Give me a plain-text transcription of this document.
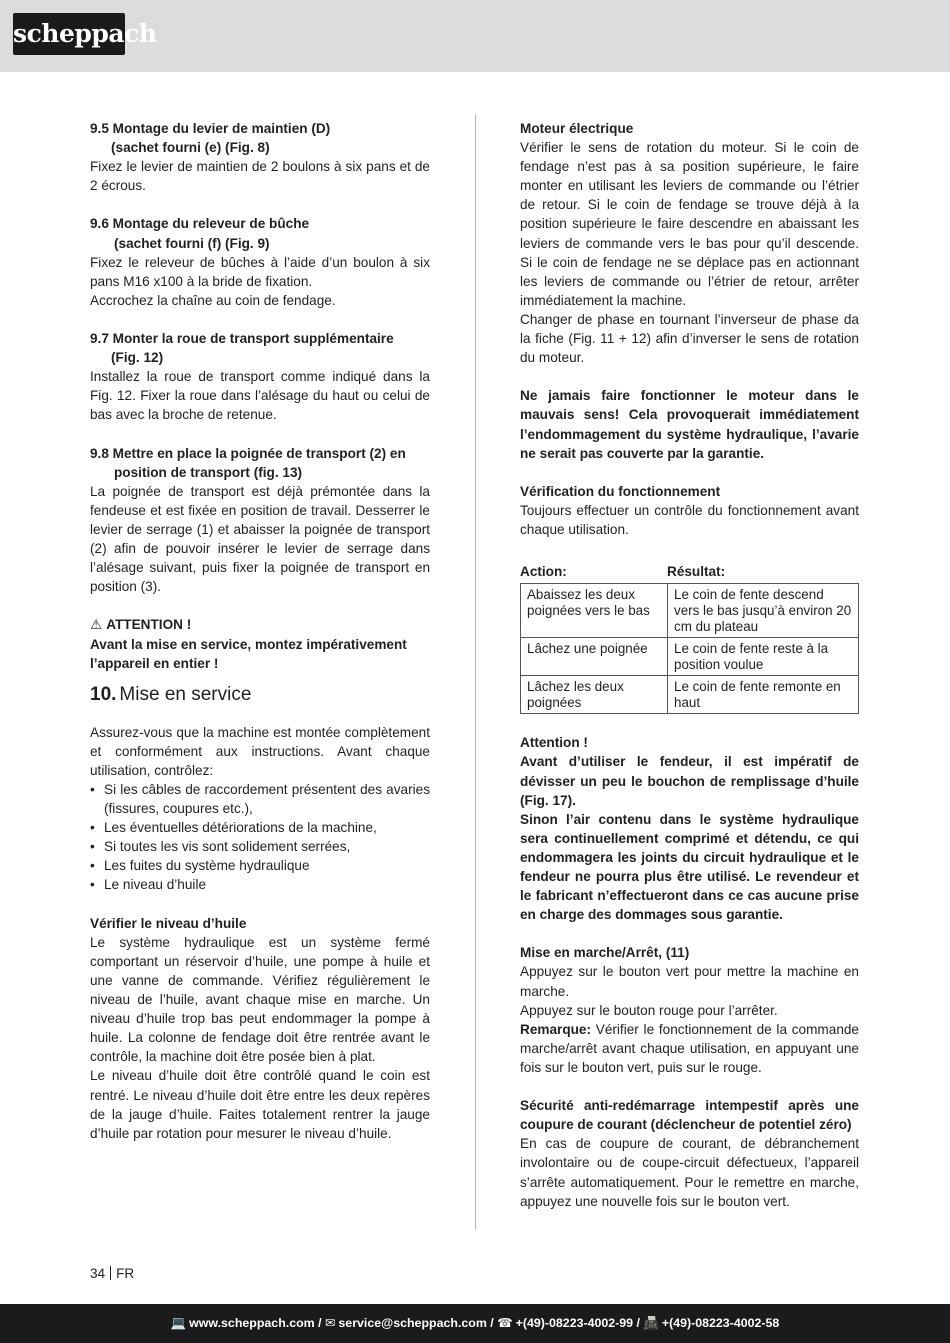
scheppach
9.5 Montage du levier de maintien (D)
(sachet fourni (e) (Fig. 8)

Fixez le levier de maintien de 2 boulons à six pans et de 2 écrous.

9.6 Montage du releveur de bûche
(sachet fourni (f) (Fig. 9)

Fixez le releveur de bûches à l’aide d’un boulon à six pans M16 x100 à la bride de fixation.

Accrochez la chaîne au coin de fendage.

9.7 Monter la roue de transport supplémentaire
(Fig. 12)

Installez la roue de transport comme indiqué dans la Fig. 12. Fixer la roue dans l’alésage du haut ou celui de bas avec la broche de retenue.

9.8 Mettre en place la poignée de transport (2) en
position de transport (fig. 13)

La poignée de transport est déjà prémontée dans la fendeuse et est fixée en position de travail. Desserrer le levier de serrage (1) et abaisser la poignée de transport (2) afin de pouvoir insérer le levier de serrage dans l’alésage suivant, puis fixer la poignée de transport en position (3).

⚠ ATTENTION !

Avant la mise en service, montez impérativement l’appareil en entier !

10. Mise en service

Assurez-vous que la machine est montée complètement et conformément aux instructions. Avant chaque utilisation, contrôlez:

• Si les câbles de raccordement présentent des avaries (fissures, coupures etc.),
• Les éventuelles détériorations de la machine,
• Si toutes les vis sont solidement serrées,
• Les fuites du système hydraulique
• Le niveau d’huile
Vérifier le niveau d’huile

Le système hydraulique est un système fermé comportant un réservoir d’huile, une pompe à huile et une vanne de commande. Vérifiez régulièrement le niveau de l’huile, avant chaque mise en marche. Un niveau d’huile trop bas peut endommager la pompe à huile. La colonne de fendage doit être rentrée avant le contrôle, la machine doit être posée bien à plat.

Le niveau d’huile doit être contrôlé quand le coin est rentré. Le niveau d’huile doit être entre les deux repères de la jauge d’huile. Faites totalement rentrer la jauge d’huile par rotation pour mesurer le niveau d’huile.

Moteur électrique

Vérifier le sens de rotation du moteur. Si le coin de fendage n’est pas à sa position supérieure, le faire monter en utilisant les leviers de commande ou l’étrier de retour. Si le coin de fendage se trouve déjà à la position supérieure le faire descendre en abaissant les leviers de commande vers le bas pour qu’il descende. Si le coin de fendage ne se déplace pas en actionnant les leviers de commande ou l’étrier de retour, arrêter immédiatement la machine.

Changer de phase en tournant l’inverseur de phase da la fiche (Fig. 11 + 12) afin d’inverser le sens de rotation du moteur.

Ne jamais faire fonctionner le moteur dans le mauvais sens! Cela provoquerait immédiatement l’endommagement du système hydraulique, l’avarie ne serait pas couverte par la garantie.

Vérification du fonctionnement

Toujours effectuer un contrôle du fonctionnement avant chaque utilisation.

Action:	Résultat:
Abaissez les deux poignées vers le bas	Le coin de fente descend vers le bas jusqu’à environ 20 cm du plateau
Lâchez une poignée	Le coin de fente reste à la position voulue
Lâchez les deux poignées	Le coin de fente remonte en haut
Attention !

Avant d’utiliser le fendeur, il est impératif de dévisser un peu le bouchon de remplissage d’huile (Fig. 17).

Sinon l’air contenu dans le système hydraulique sera continuellement comprimé et détendu, ce qui endommagera les joints du circuit hydraulique et le fendeur ne pourra plus être utilisé. Le revendeur et le fabricant n’effectueront dans ce cas aucune prise en charge des dommages sous garantie.

Mise en marche/Arrêt, (11)

Appuyez sur le bouton vert pour mettre la machine en marche.

Appuyez sur le bouton rouge pour l’arrêter.

Remarque: Vérifier le fonctionnement de la commande marche/arrêt avant chaque utilisation, en appuyant une fois sur le bouton vert, puis sur le rouge.

Sécurité anti-redémarrage intempestif après une coupure de courant (déclencheur de potentiel zéro)

En cas de coupure de courant, de débranchement involontaire ou de coupe-circuit défectueux, l’appareil s’arrête automatiquement. Pour le remettre en marche, appuyez une nouvelle fois sur le bouton vert.

34 FR
💻 www.scheppach.com / ✉ service@scheppach.com / ☎ +(49)-08223-4002-99 / 📠 +(49)-08223-4002-58
